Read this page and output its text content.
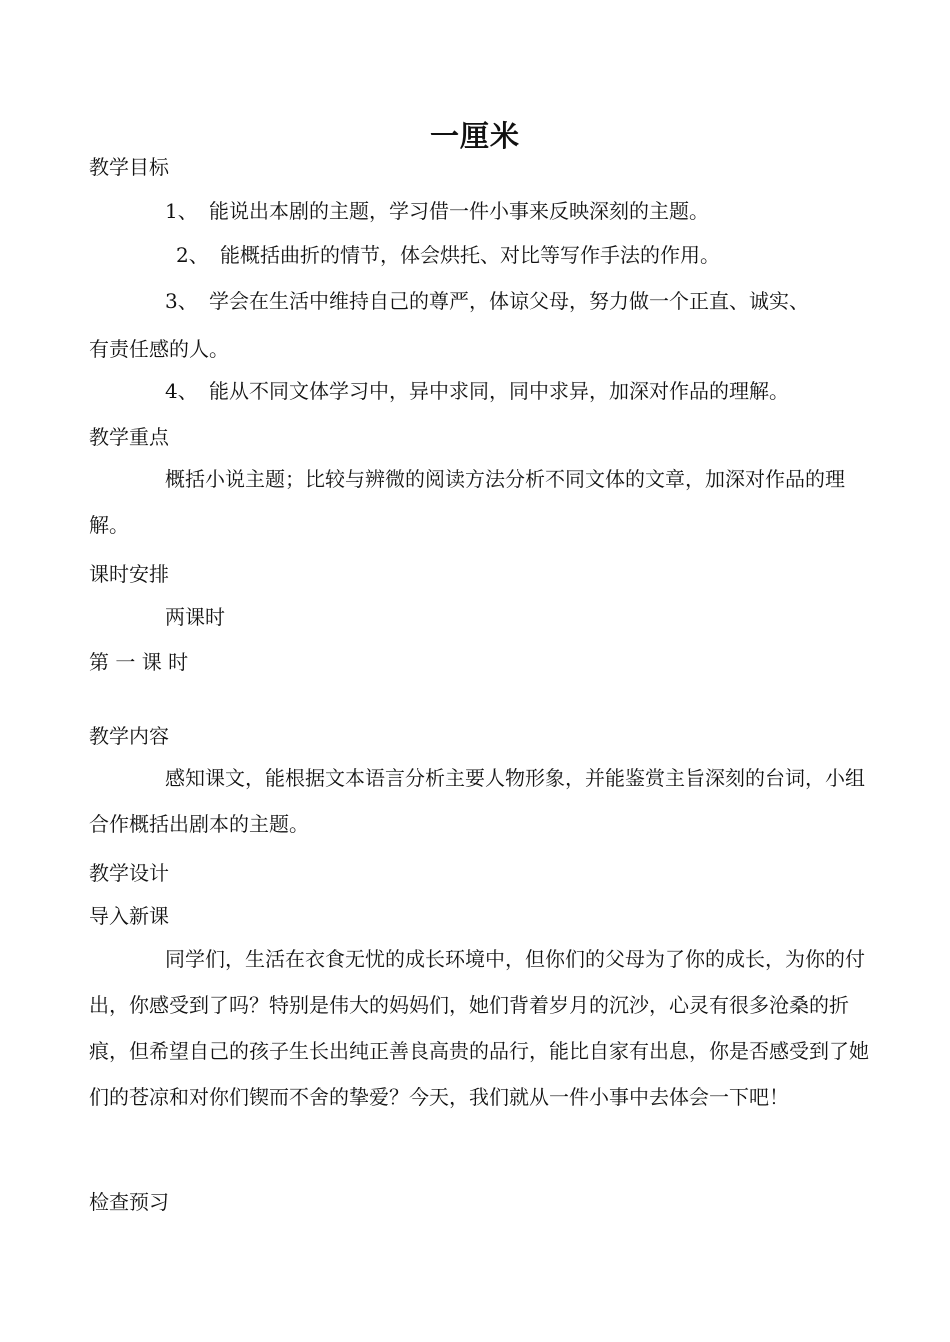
一厘米
教学目标
1、 能说出本剧的主题，学习借一件小事来反映深刻的主题。
2、 能概括曲折的情节，体会烘托、对比等写作手法的作用。
3、 学会在生活中维持自己的尊严，体谅父母，努力做一个正直、诚实、
有责任感的人。
4、 能从不同文体学习中，异中求同，同中求异，加深对作品的理解。
教学重点
概括小说主题；比较与辨微的阅读方法分析不同文体的文章，加深对作品的理解。
课时安排
两课时
第 一 课 时
教学内容
感知课文，能根据文本语言分析主要人物形象，并能鉴赏主旨深刻的台词，小组合作概括出剧本的主题。
教学设计
导入新课
同学们，生活在衣食无忧的成长环境中，但你们的父母为了你的成长，为你的付出，你感受到了吗？特别是伟大的妈妈们，她们背着岁月的沉沙，心灵有很多沧桑的折痕，但希望自己的孩子生长出纯正善良高贵的品行，能比自家有出息，你是否感受到了她们的苍凉和对你们锲而不舍的挚爱？今天，我们就从一件小事中去体会一下吧！
检查预习
